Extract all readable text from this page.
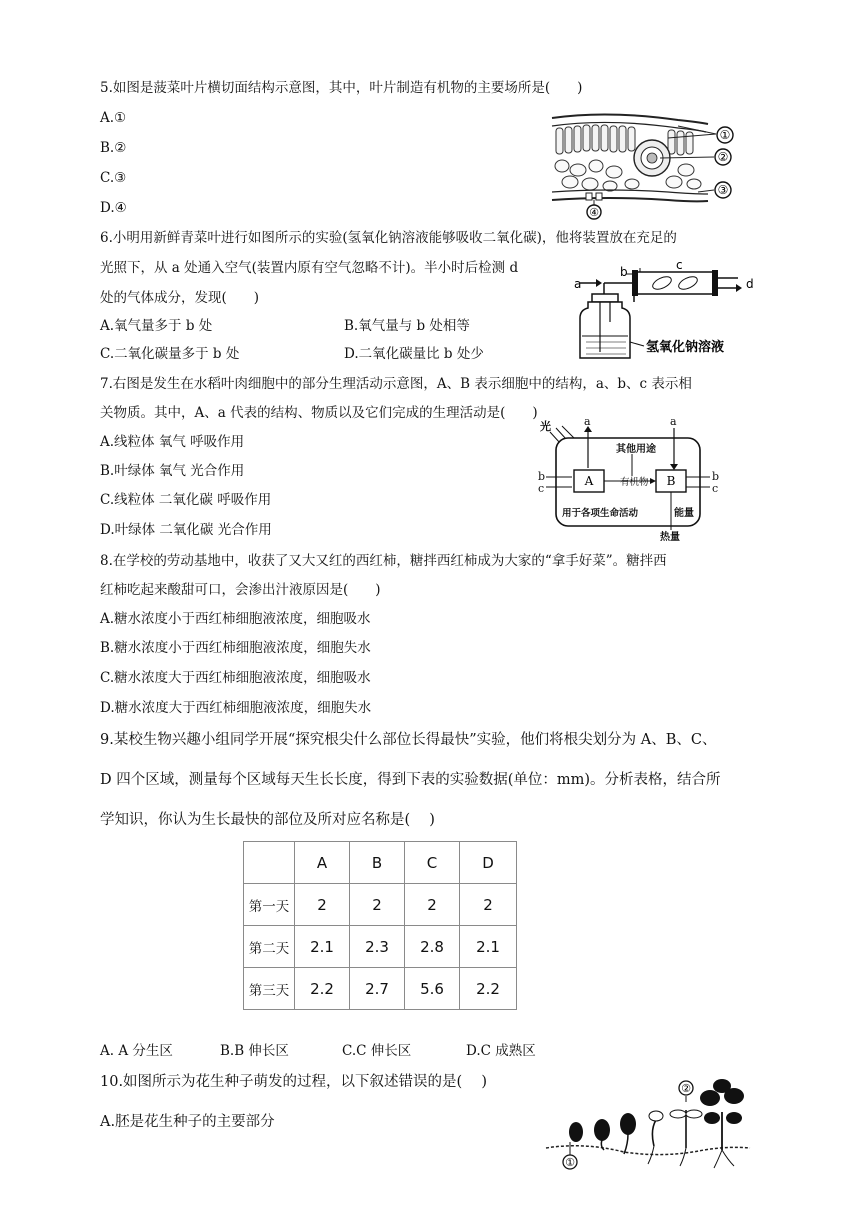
5.如图是菠菜叶片横切面结构示意图，其中，叶片制造有机物的主要场所是(　　)
A.①
B.②
C.③
D.④
①
②
③
④
6.小明用新鲜青菜叶进行如图所示的实验(氢氧化钠溶液能够吸收二氧化碳)，他将装置放在充足的
光照下，从 a 处通入空气(装置内原有空气忽略不计)。半小时后检测 d
处的气体成分，发现(　　)
A.氧气量多于 b 处	B.氧气量与 b 处相等
C.二氧化碳量多于 b 处	D.二氧化碳量比 b 处少
a
b	c
d
氢氧化钠溶液
7.右图是发生在水稻叶肉细胞中的部分生理活动示意图，A、B 表示细胞中的结构，a、b、c 表示相
关物质。其中，A、a 代表的结构、物质以及它们完成的生理活动是(　　)
A.线粒体 氧气 呼吸作用
B.叶绿体 氧气 光合作用
C.线粒体 二氧化碳 呼吸作用
D.叶绿体 二氧化碳 光合作用
光	a	a
b
c
b
c
A	B
有机物
其他用途
用于各项生命活动	能量
热量
8.在学校的劳动基地中，收获了又大又红的西红柿，糖拌西红柿成为大家的“拿手好菜”。糖拌西
红柿吃起来酸甜可口，会渗出汁液原因是(　　)
A.糖水浓度小于西红柿细胞液浓度，细胞吸水
B.糖水浓度小于西红柿细胞液浓度，细胞失水
C.糖水浓度大于西红柿细胞液浓度，细胞吸水
D.糖水浓度大于西红柿细胞液浓度，细胞失水
9.某校生物兴趣小组同学开展“探究根尖什么部位长得最快”实验，他们将根尖划分为 A、B、C、
D 四个区域，测量每个区域每天生长长度，得到下表的实验数据(单位：mm)。分析表格，结合所
学知识，你认为生长最快的部位及所对应名称是(　 )
	A	B	C	D
第一天	2	2	2	2
第二天	2.1	2.3	2.8	2.1
第三天	2.2	2.7	5.6	2.2
A. A 分生区	B.B 伸长区	C.C 伸长区	D.C 成熟区
10.如图所示为花生种子萌发的过程，以下叙述错误的是(　 )
A.胚是花生种子的主要部分
①
②
